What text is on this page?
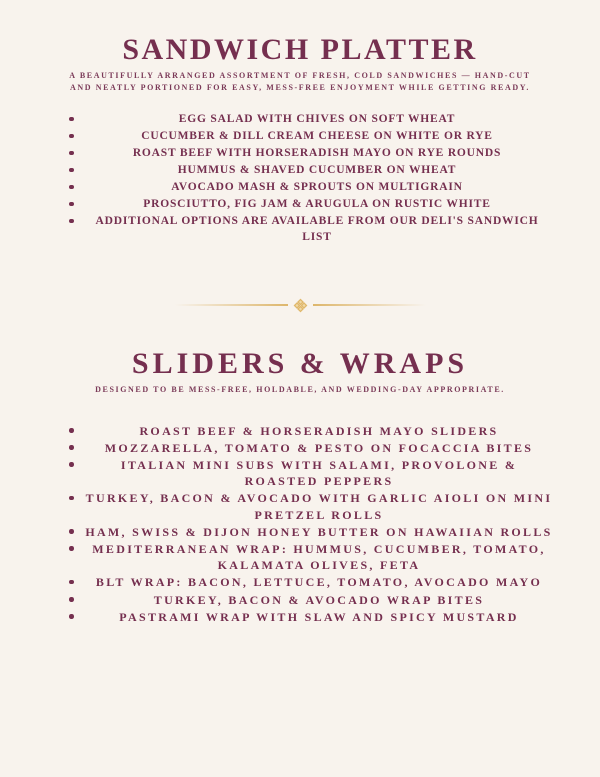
SANDWICH PLATTER
A BEAUTIFULLY ARRANGED ASSORTMENT OF FRESH, COLD SANDWICHES — HAND-CUT
AND NEATLY PORTIONED FOR EASY, MESS-FREE ENJOYMENT WHILE GETTING READY.
EGG SALAD WITH CHIVES ON SOFT WHEAT
CUCUMBER & DILL CREAM CHEESE ON WHITE OR RYE
ROAST BEEF WITH HORSERADISH MAYO ON RYE ROUNDS
HUMMUS & SHAVED CUCUMBER ON WHEAT
AVOCADO MASH & SPROUTS ON MULTIGRAIN
PROSCIUTTO, FIG JAM & ARUGULA ON RUSTIC WHITE
ADDITIONAL OPTIONS ARE AVAILABLE FROM OUR DELI'S SANDWICH LIST
SLIDERS & WRAPS
DESIGNED TO BE MESS-FREE, HOLDABLE, AND WEDDING-DAY APPROPRIATE.
ROAST BEEF & HORSERADISH MAYO SLIDERS
MOZZARELLA, TOMATO & PESTO ON FOCACCIA BITES
ITALIAN MINI SUBS WITH SALAMI, PROVOLONE & ROASTED PEPPERS
TURKEY, BACON & AVOCADO WITH GARLIC AIOLI ON MINI PRETZEL ROLLS
HAM, SWISS & DIJON HONEY BUTTER ON HAWAIIAN ROLLS
MEDITERRANEAN WRAP: HUMMUS, CUCUMBER, TOMATO, KALAMATA OLIVES, FETA
BLT WRAP: BACON, LETTUCE, TOMATO, AVOCADO MAYO
TURKEY, BACON & AVOCADO WRAP BITES
PASTRAMI WRAP WITH SLAW AND SPICY MUSTARD
